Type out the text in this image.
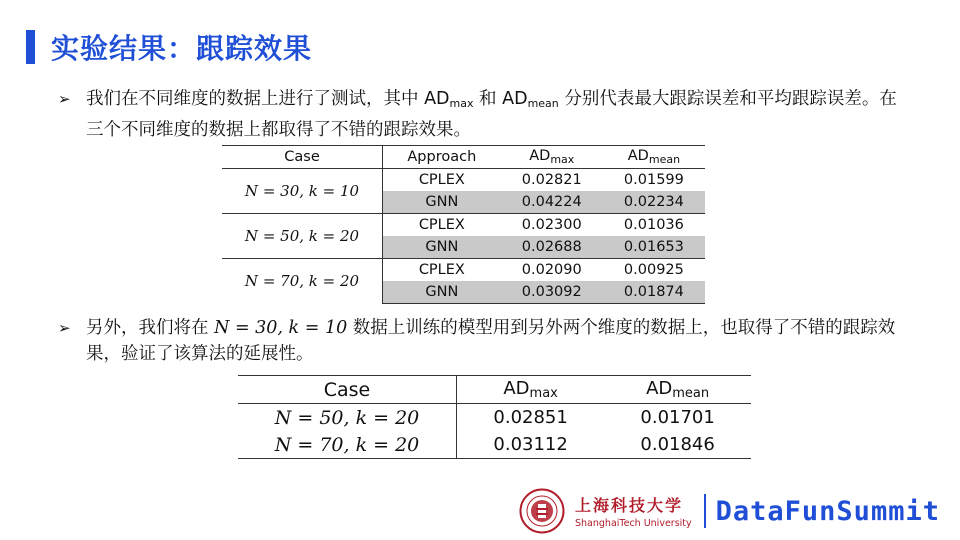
实验结果：跟踪效果
➢ 我们在不同维度的数据上进行了测试，其中 $AD_{max}$ 和 $AD_{mean}$ 分别代表最大跟踪误差和平均跟踪误差。在三个不同维度的数据上都取得了不错的跟踪效果。
Case	Approach	$AD_{max}$	$AD_{mean}$
N = 30, k = 10	CPLEX	0.02821	0.01599
	GNN	0.04224	0.02234
N = 50, k = 20	CPLEX	0.02300	0.01036
	GNN	0.02688	0.01653
N = 70, k = 20	CPLEX	0.02090	0.00925
	GNN	0.03092	0.01874
➢ 另外，我们将在 N = 30, k = 10 数据上训练的模型用到另外两个维度的数据上，也取得了不错的跟踪效果，验证了该算法的延展性。
Case	$AD_{max}$	$AD_{mean}$
N = 50, k = 20	0.02851	0.01701
N = 70, k = 20	0.03112	0.01846
上海科技大学
ShanghaiTech University DataFunSummit
